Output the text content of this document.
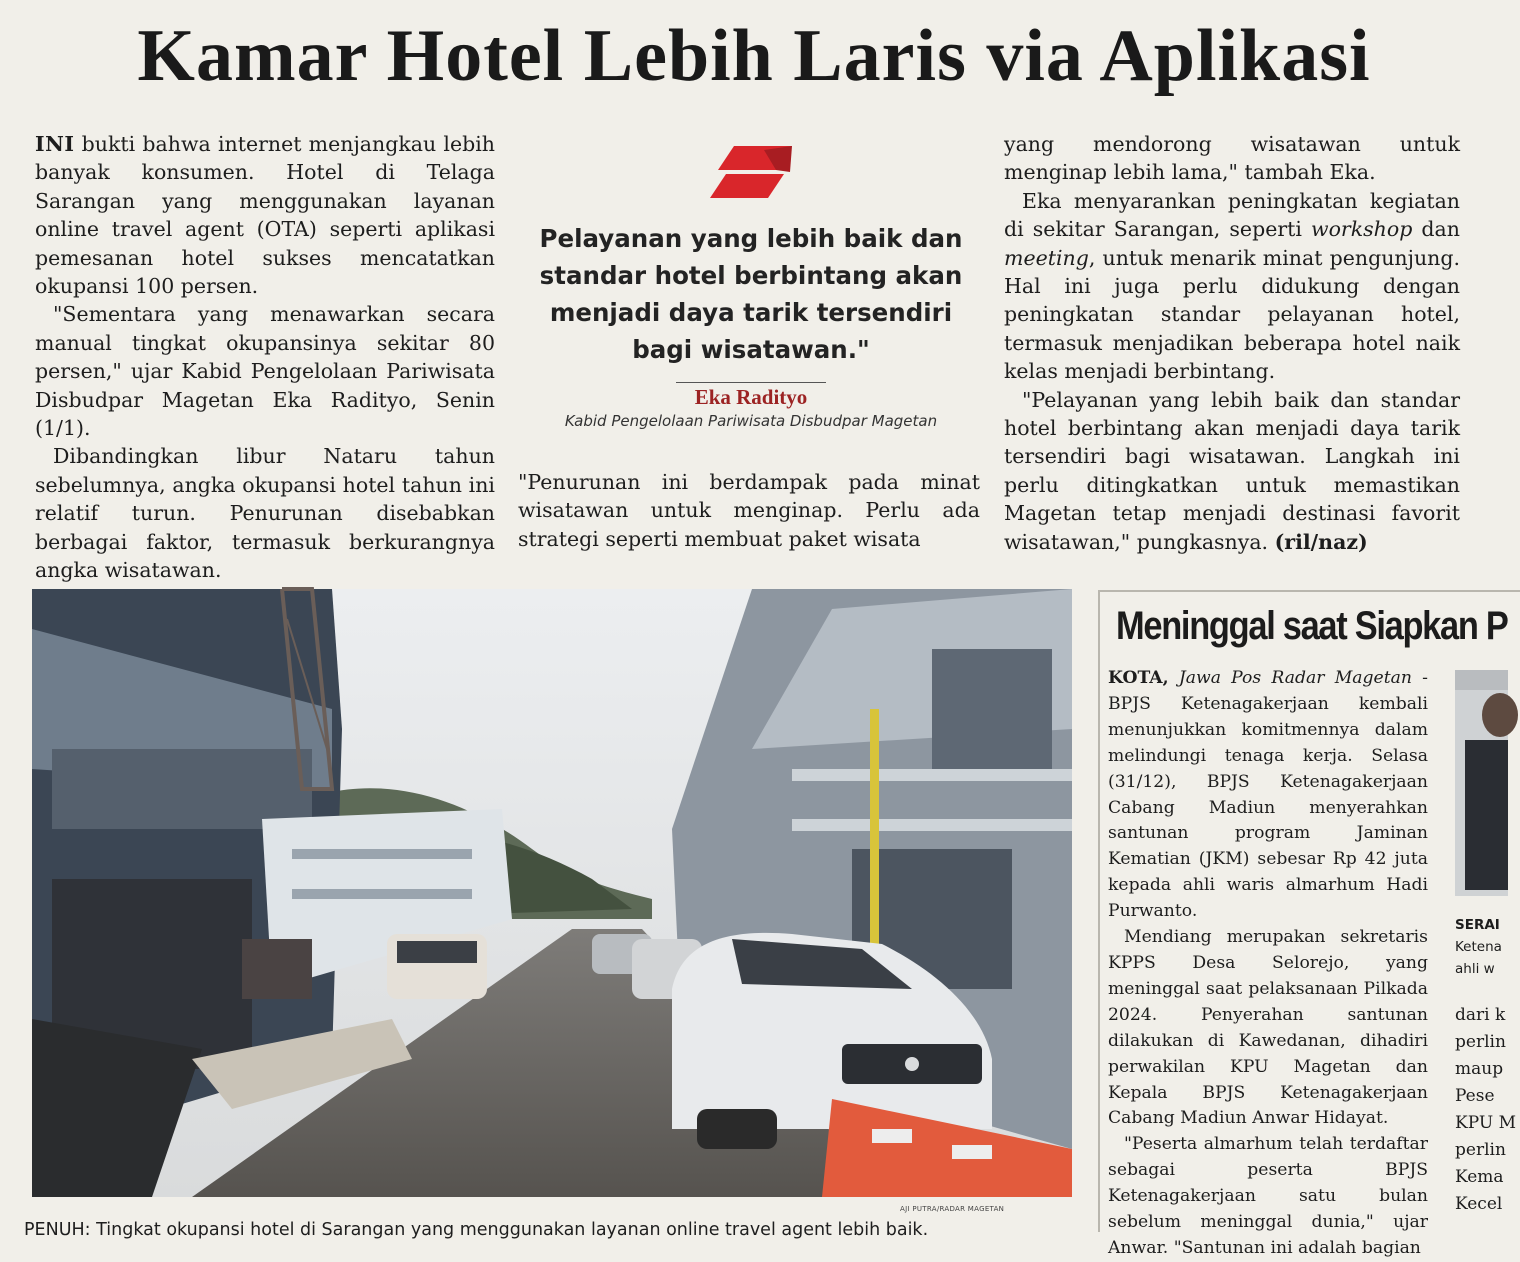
Kamar Hotel Lebih Laris via Aplikasi

INI bukti bahwa internet menjangkau lebih banyak konsumen. Hotel di Telaga Sarangan yang menggunakan layanan online travel agent (OTA) seperti aplikasi pemesanan hotel sukses mencatatkan okupansi 100 persen.

"Sementara yang menawarkan secara manual tingkat okupansinya sekitar 80 persen," ujar Kabid Pengelolaan Pariwisata Disbudpar Magetan Eka Radityo, Senin (1/1).

Dibandingkan libur Nataru tahun sebelumnya, angka okupansi hotel tahun ini relatif turun. Penurunan disebabkan berbagai faktor, termasuk berkurangnya angka wisatawan.

Pelayanan yang lebih baik dan standar hotel berbintang akan menjadi daya tarik tersendiri bagi wisatawan."
Eka Radityo
Kabid Pengelolaan Pariwisata Disbudpar Magetan

"Penurunan ini berdampak pada minat wisatawan untuk menginap. Perlu ada strategi seperti membuat paket wisata

yang mendorong wisatawan untuk menginap lebih lama," tambah Eka.

Eka menyarankan peningkatan kegiatan di sekitar Sarangan, seperti workshop dan meeting, untuk menarik minat pengunjung. Hal ini juga perlu didukung dengan peningkatan standar pelayanan hotel, termasuk menjadikan beberapa hotel naik kelas menjadi berbintang.

"Pelayanan yang lebih baik dan standar hotel berbintang akan menjadi daya tarik tersendiri bagi wisatawan. Langkah ini perlu ditingkatkan untuk memastikan Magetan tetap menjadi destinasi favorit wisatawan," pungkasnya. (ril/naz)

AJI PUTRA/RADAR MAGETAN
PENUH: Tingkat okupansi hotel di Sarangan yang menggunakan layanan online travel agent lebih baik.
Meninggal saat Siapkan P

KOTA, Jawa Pos Radar Magetan - BPJS Ketenagakerjaan kembali menunjukkan komitmennya dalam melindungi tenaga kerja. Selasa (31/12), BPJS Ketenagakerjaan Cabang Madiun menyerahkan santunan program Jaminan Kematian (JKM) sebesar Rp 42 juta kepada ahli waris almarhum Hadi Purwanto.

Mendiang merupakan sekretaris KPPS Desa Selorejo, yang meninggal saat pelaksanaan Pilkada 2024. Penyerahan santunan dilakukan di Kawedanan, dihadiri perwakilan KPU Magetan dan Kepala BPJS Ketenagakerjaan Cabang Madiun Anwar Hidayat.

"Peserta almarhum telah terdaftar sebagai peserta BPJS Ketenagakerjaan satu bulan sebelum meninggal dunia," ujar Anwar. "Santunan ini adalah bagian

SERAI
Ketena
ahli w
dari k
perlin
maup
Pese
KPU M
perlin
Kema
Kecel
